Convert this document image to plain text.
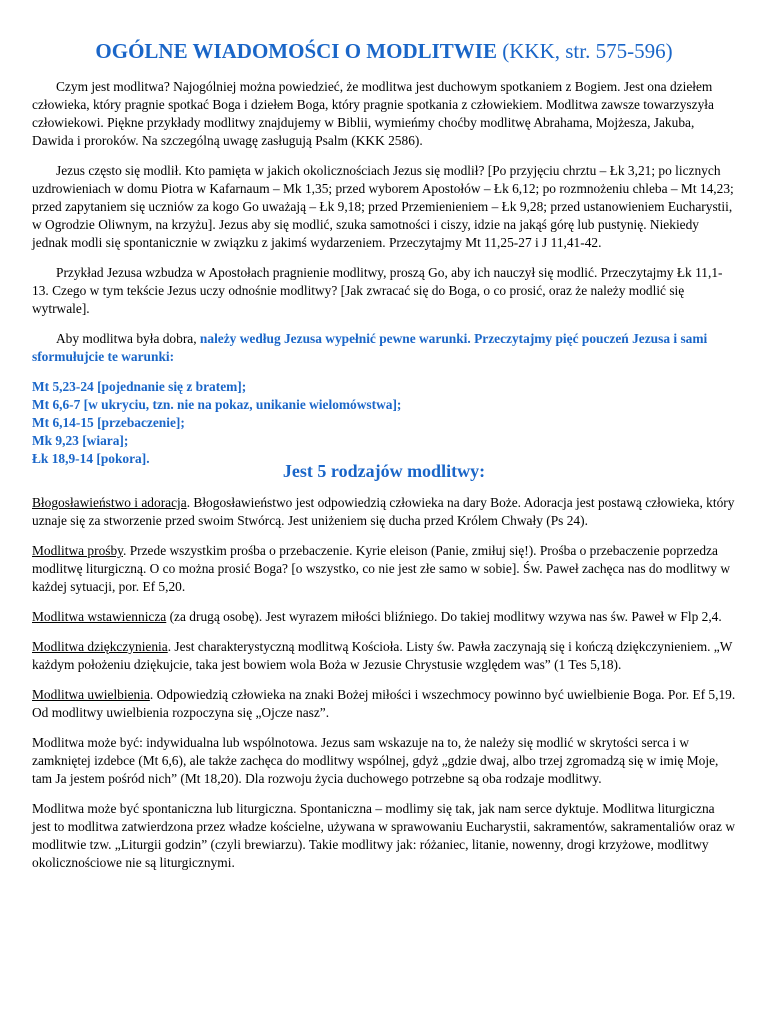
OGÓLNE WIADOMOŚCI O MODLITWIE (KKK, str. 575-596)

Czym jest modlitwa? Najogólniej można powiedzieć, że modlitwa jest duchowym spotkaniem z Bogiem. Jest ona dziełem człowieka, który pragnie spotkać Boga i dziełem Boga, który pragnie spotkania z człowiekiem. Modlitwa zawsze towarzyszyła człowiekowi. Piękne przykłady modlitwy znajdujemy w Biblii, wymieńmy choćby modlitwę Abrahama, Mojżesza, Jakuba, Dawida i proroków. Na szczególną uwagę zasługują Psalm (KKK 2586).

Jezus często się modlił. Kto pamięta w jakich okolicznościach Jezus się modlił? [Po przyjęciu chrztu – Łk 3,21; po licznych uzdrowieniach w domu Piotra w Kafarnaum – Mk 1,35; przed wyborem Apostołów – Łk 6,12; po rozmnożeniu chleba – Mt 14,23; przed zapytaniem się uczniów za kogo Go uważają – Łk 9,18; przed Przemienieniem – Łk 9,28; przed ustanowieniem Eucharystii, w Ogrodzie Oliwnym, na krzyżu]. Jezus aby się modlić, szuka samotności i ciszy, idzie na jakąś górę lub pustynię. Niekiedy jednak modli się spontanicznie w związku z jakimś wydarzeniem. Przeczytajmy Mt 11,25-27 i J 11,41-42.

Przykład Jezusa wzbudza w Apostołach pragnienie modlitwy, proszą Go, aby ich nauczył się modlić. Przeczytajmy Łk 11,1-13. Czego w tym tekście Jezus uczy odnośnie modlitwy? [Jak zwracać się do Boga, o co prosić, oraz że należy modlić się wytrwale].

Aby modlitwa była dobra, należy według Jezusa wypełnić pewne warunki. Przeczytajmy pięć pouczeń Jezusa i sami sformułujcie te warunki:

Mt 5,23-24 [pojednanie się z bratem];
Mt 6,6-7 [w ukryciu, tzn. nie na pokaz, unikanie wielomówstwa];
Mt 6,14-15 [przebaczenie];
Mk 9,23 [wiara];
Łk 18,9-14 [pokora].
Jest 5 rodzajów modlitwy:

Błogosławieństwo i adoracja. Błogosławieństwo jest odpowiedzią człowieka na dary Boże. Adoracja jest postawą człowieka, który uznaje się za stworzenie przed swoim Stwórcą. Jest uniżeniem się ducha przed Królem Chwały (Ps 24).

Modlitwa prośby. Przede wszystkim prośba o przebaczenie. Kyrie eleison (Panie, zmiłuj się!). Prośba o przebaczenie poprzedza modlitwę liturgiczną. O co można prosić Boga? [o wszystko, co nie jest złe samo w sobie]. Św. Paweł zachęca nas do modlitwy w każdej sytuacji, por. Ef 5,20.

Modlitwa wstawiennicza (za drugą osobę). Jest wyrazem miłości bliźniego. Do takiej modlitwy wzywa nas św. Paweł w Flp 2,4.

Modlitwa dziękczynienia. Jest charakterystyczną modlitwą Kościoła. Listy św. Pawła zaczynają się i kończą dziękczynieniem. „W każdym położeniu dziękujcie, taka jest bowiem wola Boża w Jezusie Chrystusie względem was” (1 Tes 5,18).

Modlitwa uwielbienia. Odpowiedzią człowieka na znaki Bożej miłości i wszechmocy powinno być uwielbienie Boga. Por. Ef 5,19. Od modlitwy uwielbienia rozpoczyna się „Ojcze nasz”.

Modlitwa może być: indywidualna lub wspólnotowa. Jezus sam wskazuje na to, że należy się modlić w skrytości serca i w zamkniętej izdebce (Mt 6,6), ale także zachęca do modlitwy wspólnej, gdyż „gdzie dwaj, albo trzej zgromadzą się w imię Moje, tam Ja jestem pośród nich” (Mt 18,20). Dla rozwoju życia duchowego potrzebne są oba rodzaje modlitwy.

Modlitwa może być spontaniczna lub liturgiczna. Spontaniczna – modlimy się tak, jak nam serce dyktuje. Modlitwa liturgiczna jest to modlitwa zatwierdzona przez władze kościelne, używana w sprawowaniu Eucharystii, sakramentów, sakramentaliów oraz w modlitwie tzw. „Liturgii godzin” (czyli brewiarzu). Takie modlitwy jak: różaniec, litanie, nowenny, drogi krzyżowe, modlitwy okolicznościowe nie są liturgicznymi.
